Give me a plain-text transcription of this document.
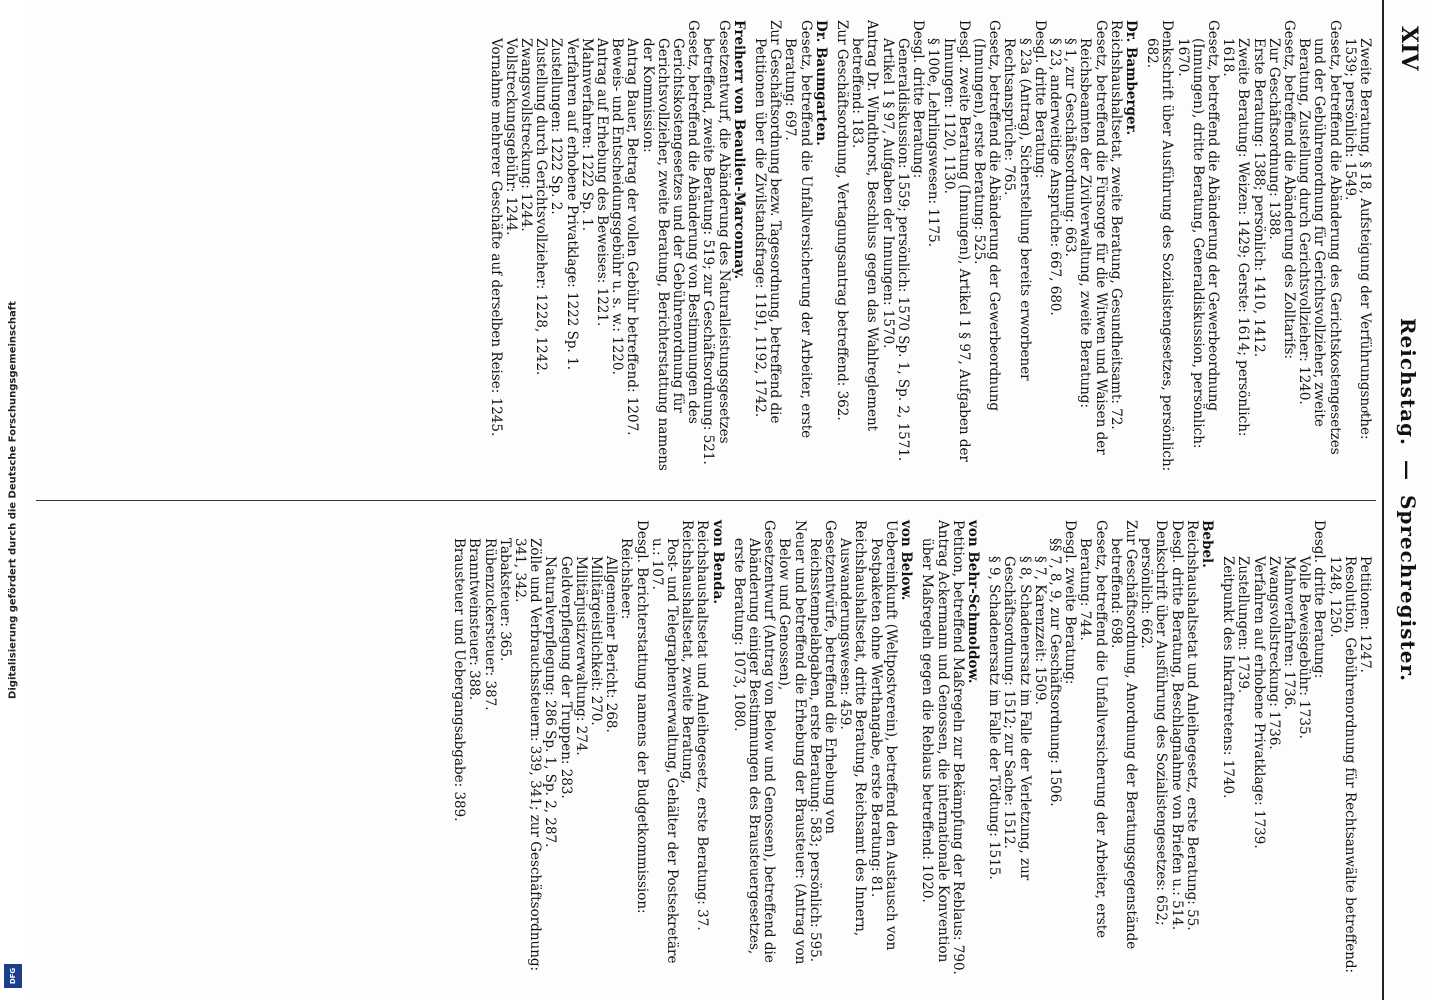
XIV
Reichstag. — Sprechregister.

Zweite Beratung, § 18, Aufsteigung der Verführungsnoͤthe: 1539; persönlich: 1549.

Gesetz, betreffend die Abänderung des Gerichtskostengesetzes und der Gebührenordnung für Gerichtsvollzieher, zweite Beratung, Zustellung durch Gerichtsvollzieher: 1240.

Gesetz, betreffend die Abänderung des Zolltarifs:

Zur Geschäftsordnung: 1388.

Erste Beratung: 1388; persönlich: 1410, 1412.

Zweite Beratung: Weizen: 1429; Gerste: 1614; persönlich: 1618.

Gesetz, betreffend die Abänderung der Gewerbeordnung (Innungen), dritte Beratung, Generaldiskussion, persönlich: 1670.

Denkschrift über Ausführung des Sozialistengesetzes, persönlich: 682.

Dr. Bamberger.

Reichshaushaltsetat, zweite Beratung, Gesundheitsamt: 72.

Gesetz, betreffend die Fürsorge für die Witwen und Waisen der Reichsbeamten der Zivilverwaltung, zweite Beratung:

§ 1, zur Geschäftsordnung: 663.

§ 23, anderweitige Ansprüche: 667, 680.

Desgl. dritte Beratung:

§ 23a (Antrag), Sicherstellung bereits erworbener Rechtsansprüche: 765.

Gesetz, betreffend die Abänderung der Gewerbeordnung (Innungen), erste Beratung: 525.

Desgl. zweite Beratung (Innungen), Artikel 1 § 97, Aufgaben der Innungen: 1120, 1130.

§ 100e, Lehrlingswesen: 1175.

Desgl. dritte Beratung:

Generaldiskussion: 1559; persönlich: 1570 Sp. 1, Sp. 2, 1571.

Artikel 1 § 97, Aufgaben der Innungen: 1570.

Antrag Dr. Windthorst, Beschluss gegen das Wahlreglement betreffend: 183.

Zur Geschäftsordnung, Vertagungsantrag betreffend: 362.

Dr. Baumgarten.

Gesetz, betreffend die Unfallversicherung der Arbeiter, erste Beratung: 697.

Zur Geschäftsordnung bezw. Tagesordnung, betreffend die Petitionen über die Zivilstandsfrage: 1191, 1192, 1742.

Freiherr von Beaulieu-Marconnay.

Gesetzentwurf, die Abänderung des Naturalleistungsgesetzes betreffend, zweite Beratung: 519; zur Geschäftsordnung: 521.

Gesetz, betreffend die Abänderung von Bestimmungen des Gerichtskostengesetzes und der Gebührenordnung für Gerichtsvollzieher, zweite Beratung, Berichterstattung namens der Kommission:

Antrag Bauer, Betrag der vollen Gebühr betreffend: 1207.

Beweis- und Entscheidungsgebühr u. s. w.: 1220.

Antrag auf Erhebung des Beweises: 1221.

Mahnverfahren: 1222 Sp. 1.

Verfahren auf erhobene Privatklage: 1222 Sp. 1.

Zustellungen: 1222 Sp. 2.

Zustellung durch Gerichtsvollzieher: 1228, 1242.

Zwangsvollstreckung: 1244.

Vollstreckungsgebühr: 1244.

Vornahme mehrerer Geschäfte auf derselben Reise: 1245.

Petitionen: 1247.

Resolution, Gebührenordnung für Rechtsanwälte betreffend: 1248, 1250.

Desgl. dritte Beratung:

Volle Beweisgebühr: 1735.

Mahnverfahren: 1736.

Zwangsvollstreckung: 1736.

Verfahren auf erhobene Privatklage: 1739.

Zustellungen: 1739.

Zeitpunkt des Inkrafttretens: 1740.

Bebel.

Reichshaushaltsetat und Anleihegesetz, erste Beratung: 55.

Desgl. dritte Beratung, Beschlagnahme von Briefen u.: 514.

Denkschrift über Ausführung des Sozialistengesetzes: 652; persönlich: 662.

Zur Geschäftsordnung, Anordnung der Beratungsgegenstände betreffend: 698.

Gesetz, betreffend die Unfallversicherung der Arbeiter, erste Beratung: 744.

Desgl. zweite Beratung:

§§ 7, 8, 9, zur Geschäftsordnung: 1506.

§ 7, Karenzzeit: 1509.

§ 8, Schadenersatz im Falle der Verletzung, zur Geschäftsordnung: 1512; zur Sache: 1512.

§ 9, Schadenersatz im Falle der Tödtung: 1515.

von Behr-Schmoldow.

Petition, betreffend Maßregeln zur Bekämpfung der Reblaus: 790.

Antrag Ackermann und Genossen, die internationale Konvention über Maßregeln gegen die Reblaus betreffend: 1020.

von Below.

Uebereinkunft (Weltpostverein), betreffend den Austausch von Postpaketen ohne Werthangabe, erste Beratung: 81.

Reichshaushaltsetat, dritte Beratung, Reichsamt des Innern, Auswanderungswesen: 459.

Gesetzentwürfe, betreffend die Erhebung von Reichsstempelabgaben, erste Beratung: 583; persönlich: 595.

Neuer und betreffend die Erhebung der Brausteuer: (Antrag von Below und Genossen),

Gesetzentwurf (Antrag von Below und Genossen), betreffend die Abänderung einiger Bestimmungen des Brausteuergesetzes, erste Beratung: 1073, 1080.

von Benda.

Reichshaushaltsetat und Anleihegesetz, erste Beratung: 37.

Reichshaushaltsetat, zweite Beratung,

Post- und Telegraphenverwaltung, Gehälter der Postsekretäre u.: 107.

Desgl. Berichterstattung namens der Budgetkommission:

Reichsheer:

Allgemeiner Bericht: 268.

Militärgeistlichkeit: 270.

Militärjustizverwaltung: 274.

Geldverpflegung der Truppen: 283.

Naturalverpflegung: 286 Sp. 1, Sp. 2, 287.

Zölle und Verbrauchssteuern: 339, 341; zur Geschäftsordnung: 341, 342.

Tabaksteuer: 365.

Rübenzuckersteuer: 387.

Branntweinsteuer: 388.

Brausteuer und Uebergangsabgabe: 389.

Digitalisierung gefördert durch die Deutsche Forschungsgemeinschaft
DFG
